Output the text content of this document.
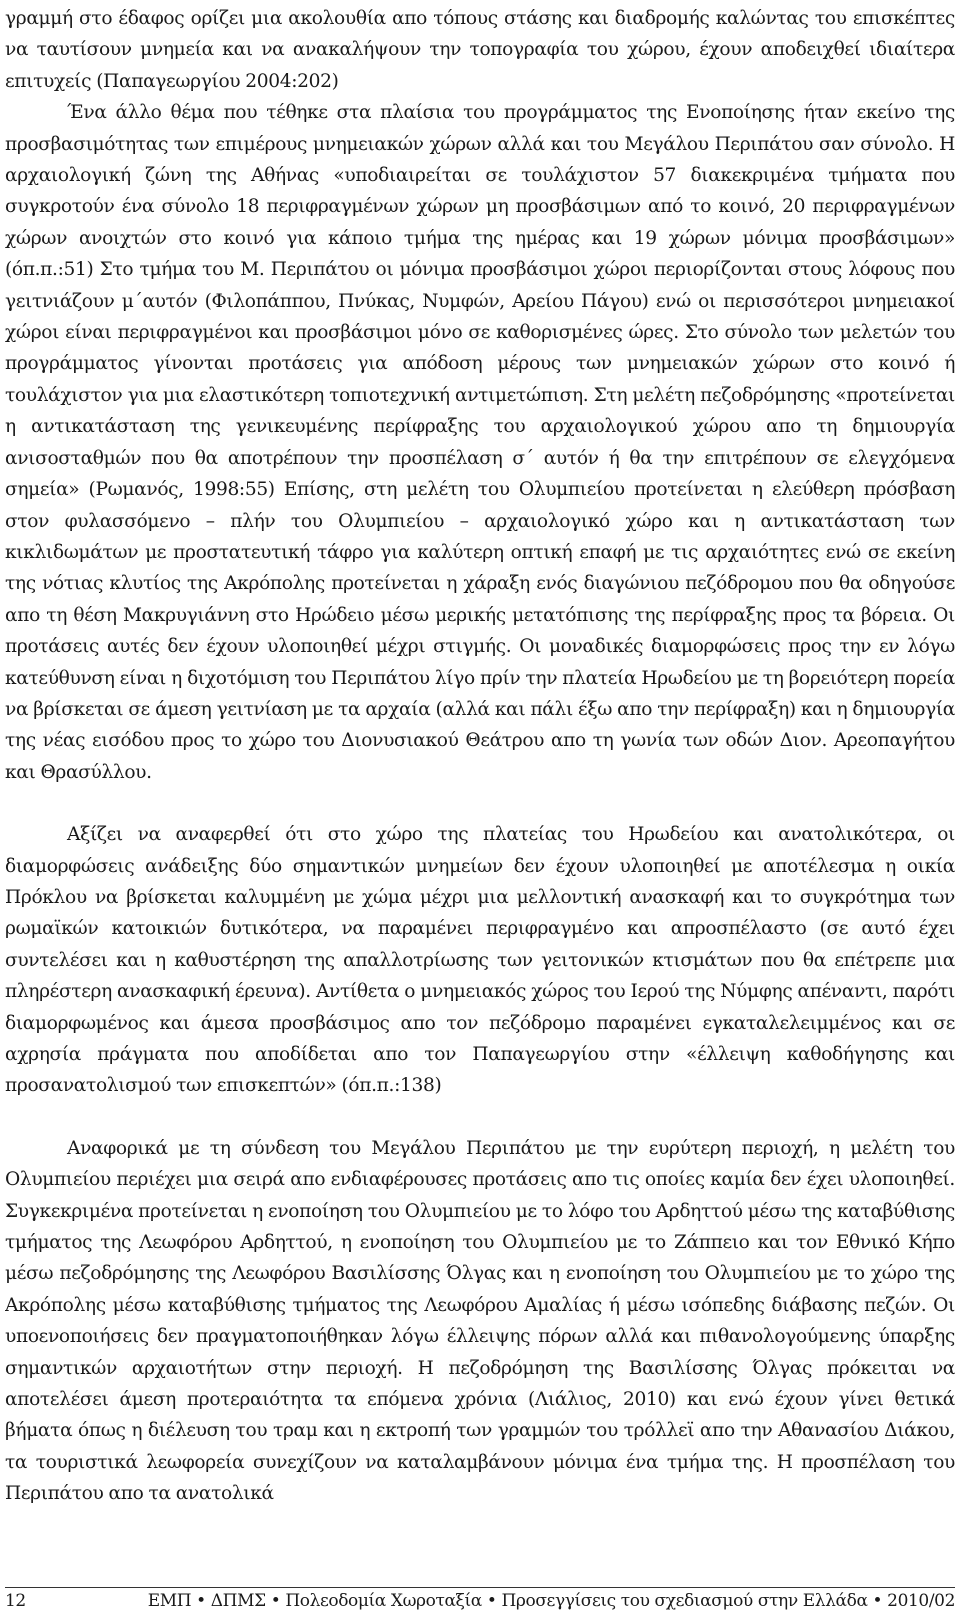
γραμμή στο έδαφος ορίζει μια ακολουθία απο τόπους στάσης και διαδρομής καλώντας του επισκέπτες να ταυτίσουν μνημεία και να ανακαλήψουν την τοπογραφία του χώρου, έχουν αποδειχθεί ιδιαίτερα επιτυχείς (Παπαγεωργίου 2004:202)

Ένα άλλο θέμα που τέθηκε στα πλαίσια του προγράμματος της Ενοποίησης ήταν εκείνο της προσβασιμότητας των επιμέρους μνημειακών χώρων αλλά και του Μεγάλου Περιπάτου σαν σύνολο. Η αρχαιολογική ζώνη της Αθήνας «υποδιαιρείται σε τουλάχιστον 57 διακεκριμένα τμήματα που συγκροτούν ένα σύνολο 18 περιφραγμένων χώρων μη προσβάσιμων από το κοινό, 20 περιφραγμένων χώρων ανοιχτών στο κοινό για κάποιο τμήμα της ημέρας και 19 χώρων μόνιμα προσβάσιμων» (όπ.π.:51) Στο τμήμα του Μ. Περιπάτου οι μόνιμα προσβάσιμοι χώροι περιορίζονται στους λόφους που γειτνιάζουν μ΄αυτόν (Φιλοπάππου, Πνύκας, Νυμφών, Αρείου Πάγου) ενώ οι περισσότεροι μνημειακοί χώροι είναι περιφραγμένοι και προσβάσιμοι μόνο σε καθορισμένες ώρες. Στο σύνολο των μελετών του προγράμματος γίνονται προτάσεις για απόδοση μέρους των μνημειακών χώρων στο κοινό ή τουλάχιστον για μια ελαστικότερη τοπιοτεχνική αντιμετώπιση. Στη μελέτη πεζοδρόμησης «προτείνεται η αντικατάσταση της γενικευμένης περίφραξης του αρχαιολογικού χώρου απο τη δημιουργία ανισοσταθμών που θα αποτρέπουν την προσπέλαση σ΄ αυτόν ή θα την επιτρέπουν σε ελεγχόμενα σημεία» (Ρωμανός, 1998:55) Επίσης, στη μελέτη του Ολυμπιείου προτείνεται η ελεύθερη πρόσβαση στον φυλασσόμενο – πλήν του Ολυμπιείου – αρχαιολογικό χώρο και η αντικατάσταση των κικλιδωμάτων με προστατευτική τάφρο για καλύτερη οπτική επαφή με τις αρχαιότητες ενώ σε εκείνη της νότιας κλυτίος της Ακρόπολης προτείνεται η χάραξη ενός διαγώνιου πεζόδρομου που θα οδηγούσε απο τη θέση Μακρυγιάννη στο Ηρώδειο μέσω μερικής μετατόπισης της περίφραξης προς τα βόρεια. Οι προτάσεις αυτές δεν έχουν υλοποιηθεί μέχρι στιγμής. Οι μοναδικές διαμορφώσεις προς την εν λόγω κατεύθυνση είναι η διχοτόμιση του Περιπάτου λίγο πρίν την πλατεία Ηρωδείου με τη βορειότερη πορεία να βρίσκεται σε άμεση γειτνίαση με τα αρχαία (αλλά και πάλι έξω απο την περίφραξη) και η δημιουργία της νέας εισόδου προς το χώρο του Διονυσιακού Θεάτρου απο τη γωνία των οδών Διον. Αρεοπαγήτου και Θρασύλλου.

Αξίζει να αναφερθεί ότι στο χώρο της πλατείας του Ηρωδείου και ανατολικότερα, οι διαμορφώσεις ανάδειξης δύο σημαντικών μνημείων δεν έχουν υλοποιηθεί με αποτέλεσμα η οικία Πρόκλου να βρίσκεται καλυμμένη με χώμα μέχρι μια μελλοντική ανασκαφή και το συγκρότημα των ρωμαϊκών κατοικιών δυτικότερα, να παραμένει περιφραγμένο και απροσπέλαστο (σε αυτό έχει συντελέσει και η καθυστέρηση της απαλλοτρίωσης των γειτονικών κτισμάτων που θα επέτρεπε μια πληρέστερη ανασκαφική έρευνα). Αντίθετα ο μνημειακός χώρος του Ιερού της Νύμφης απέναντι, παρότι διαμορφωμένος και άμεσα προσβάσιμος απο τον πεζόδρομο παραμένει εγκαταλελειμμένος και σε αχρησία πράγματα που αποδίδεται απο τον Παπαγεωργίου στην «έλλειψη καθοδήγησης και προσανατολισμού των επισκεπτών» (όπ.π.:138)

Αναφορικά με τη σύνδεση του Μεγάλου Περιπάτου με την ευρύτερη περιοχή, η μελέτη του Ολυμπιείου περιέχει μια σειρά απο ενδιαφέρουσες προτάσεις απο τις οποίες καμία δεν έχει υλοποιηθεί. Συγκεκριμένα προτείνεται η ενοποίηση του Ολυμπιείου με το λόφο του Αρδηττού μέσω της καταβύθισης τμήματος της Λεωφόρου Αρδηττού, η ενοποίηση του Ολυμπιείου με το Ζάππειο και τον Εθνικό Κήπο μέσω πεζοδρόμησης της Λεωφόρου Βασιλίσσης Όλγας και η ενοποίηση του Ολυμπιείου με το χώρο της Ακρόπολης μέσω καταβύθισης τμήματος της Λεωφόρου Αμαλίας ή μέσω ισόπεδης διάβασης πεζών. Οι υποενοποιήσεις δεν πραγματοποιήθηκαν λόγω έλλειψης πόρων αλλά και πιθανολογούμενης ύπαρξης σημαντικών αρχαιοτήτων στην περιοχή. Η πεζοδρόμηση της Βασιλίσσης Όλγας πρόκειται να αποτελέσει άμεση προτεραιότητα τα επόμενα χρόνια (Λιάλιος, 2010) και ενώ έχουν γίνει θετικά βήματα όπως η διέλευση του τραμ και η εκτροπή των γραμμών του τρόλλεϊ απο την Αθανασίου Διάκου, τα τουριστικά λεωφορεία συνεχίζουν να καταλαμβάνουν μόνιμα ένα τμήμα της. Η προσπέλαση του Περιπάτου απο τα ανατολικά

12	ΕΜΠ • ΔΠΜΣ • Πολεοδομία Χωροταξία • Προσεγγίσεις του σχεδιασμού στην Ελλάδα • 2010/02
